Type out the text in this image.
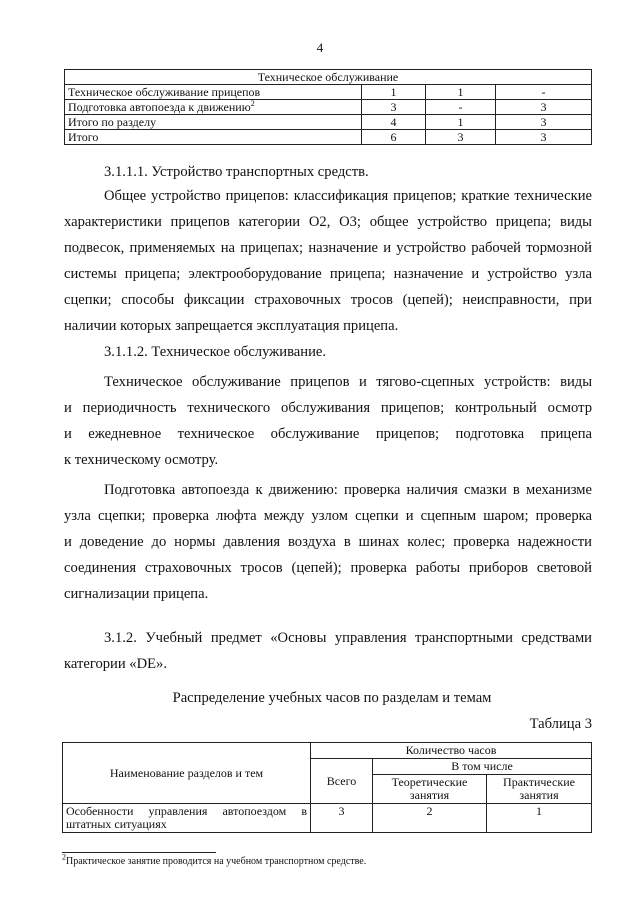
4
Техническое обслуживание			
Техническое обслуживание прицепов	1	1	-
Подготовка автопоезда к движению$^2$	3	-	3
Итого по разделу	4	1	3
Итого	6	3	3
3.1.1.1. Устройство транспортных средств.
Общее устройство прицепов: классификация прицепов; краткие технические
характеристики прицепов категории О2, О3; общее устройство прицепа; виды
подвесок, применяемых на прицепах; назначение и устройство рабочей тормозной
системы прицепа; электрооборудование прицепа; назначение и устройство узла
сцепки; способы фиксации страховочных тросов (цепей); неисправности, при
наличии которых запрещается эксплуатация прицепа.
3.1.1.2. Техническое обслуживание.
Техническое обслуживание прицепов и тягово-сцепных устройств: виды
и периодичность технического обслуживания прицепов; контрольный осмотр
и ежедневное техническое обслуживание прицепов; подготовка прицепа
к техническому осмотру.
Подготовка автопоезда к движению: проверка наличия смазки в механизме
узла сцепки; проверка люфта между узлом сцепки и сцепным шаром; проверка
и доведение до нормы давления воздуха в шинах колес; проверка надежности
соединения страховочных тросов (цепей); проверка работы приборов световой
сигнализации прицепа.
3.1.2. Учебный предмет «Основы управления транспортными средствами
категории «DE».
Распределение учебных часов по разделам и темам
Таблица 3
Наименование разделов и тем	Количество часов		
	Всего	В том числе	
		Теоретические занятия	Практические занятия
Особенности управления автопоездом в штатных ситуациях	3	2	1
$^2$Практическое занятие проводится на учебном транспортном средстве.
